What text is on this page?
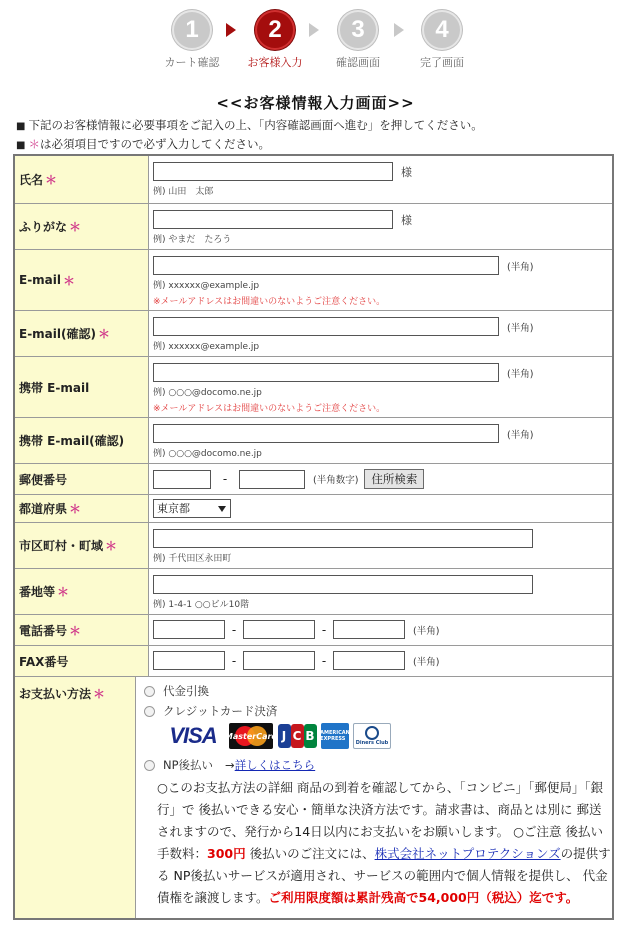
1
カート確認
2
お客様入力
3
確認画面
4
完了画面
<<お客様情報入力画面>>
■ 下記のお客様情報に必要事項をご記入の上、「内容確認画面へ進む」を押してください。
■ ＊は必須項目ですので必ず入力してください。
氏名 ＊
様
例) 山田　太郎
ふりがな ＊	様
例) やまだ　たろう
E-mail ＊
(半角)
例) xxxxxx@example.jp
※メールアドレスはお間違いのないようご注意ください。
E-mail(確認) ＊	(半角)
例) xxxxxx@example.jp
携帯 E-mail
(半角)
例) ○○○@docomo.ne.jp
※メールアドレスはお間違いのないようご注意ください。
携帯 E-mail(確認)	(半角)
例) ○○○@docomo.ne.jp
郵便番号	-	(半角数字) 住所検索
都道府県 ＊	東京都
市区町村・町域 ＊
例) 千代田区永田町
番地等 ＊
例) 1-4-1 ○○ビル10階
電話番号 ＊	-	-	(半角)
FAX番号	-	-	(半角)
お支払い方法 ＊	代金引換
クレジットカード決済
VISA	MasterCard J C B	AMERICAN EXPRESS
Diners Club
NP後払い → 詳しくはこちら
○このお支払方法の詳細 商品の到着を確認してから、「コンビニ」「郵便局」「銀行」で 後払いできる安心・簡単な決済方法です。請求書は、商品とは別に 郵送されますので、発行から14日以内にお支払いをお願いします。 ○ご注意 後払い手数料：300円 後払いのご注文には、株式会社ネットプロテクションズの提供する NP後払いサービスが適用され、サービスの範囲内で個人情報を提供し、 代金債権を譲渡します。ご利用限度額は累計残高で54,000円（税込）迄です。
